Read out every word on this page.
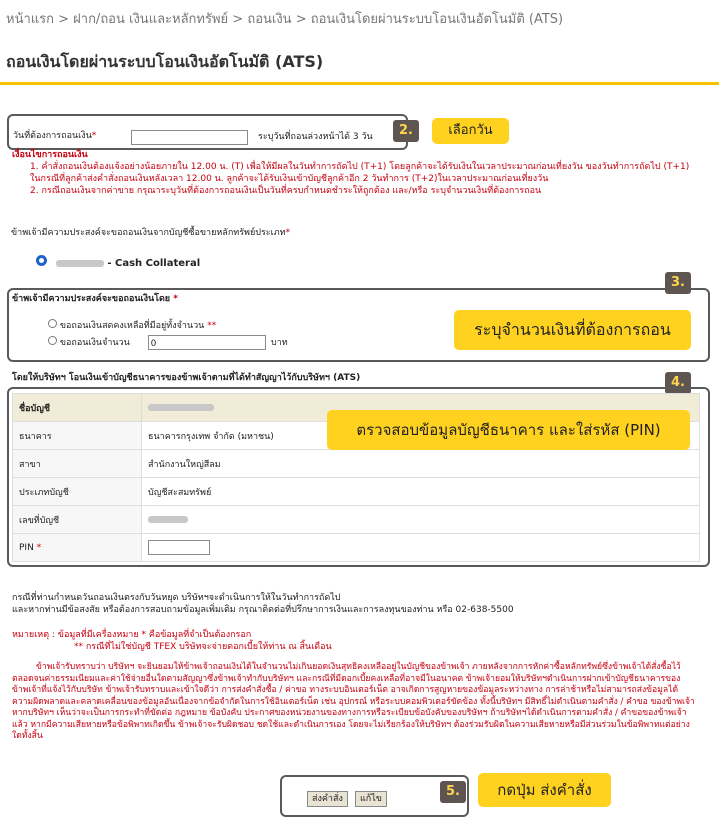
หน้าแรก > ฝาก/ถอน เงินและหลักทรัพย์ > ถอนเงิน > ถอนเงินโดยผ่านระบบโอนเงินอัตโนมัติ (ATS)
ถอนเงินโดยผ่านระบบโอนเงินอัตโนมัติ (ATS)
วันที่ต้องการถอนเงิน*	ระบุวันที่ถอนล่วงหน้าได้ 3 วัน	2.	เลือกวัน
เงื่อนไขการถอนเงิน
1. คำสั่งถอนเงินต้องแจ้งอย่างน้อยภายใน 12.00 น. (T) เพื่อให้มีผลในวันทำการถัดไป (T+1) โดยลูกค้าจะได้รับเงินในเวลาประมาณก่อนเที่ยงวัน ของวันทำการถัดไป (T+1) ในกรณีที่ลูกค้าส่งคำสั่งถอนเงินหลังเวลา 12.00 น. ลูกค้าจะได้รับเงินเข้าบัญชีลูกค้าอีก 2 วันทำการ (T+2)ในเวลาประมาณก่อนเที่ยงวัน
2. กรณีถอนเงินจากค่าขาย กรุณาระบุวันที่ต้องการถอนเงินเป็นวันที่ครบกำหนดชำระให้ถูกต้อง และ/หรือ ระบุจำนวนเงินที่ต้องการถอน
ข้าพเจ้ามีความประสงค์จะขอถอนเงินจากบัญชีซื้อขายหลักทรัพย์ประเภท*
- Cash Collateral
3.
ข้าพเจ้ามีความประสงค์จะขอถอนเงินโดย *
ขอถอนเงินสดคงเหลือที่มีอยู่ทั้งจำนวน **
ขอถอนเงินจำนวน
0	บาท
ระบุจำนวนเงินที่ต้องการถอน
โดยให้บริษัทฯ โอนเงินเข้าบัญชีธนาคารของข้าพเจ้าตามที่ได้ทำสัญญาไว้กับบริษัทฯ (ATS)	4.
ชื่อบัญชี	
ธนาคาร	ธนาคารกรุงเทพ จำกัด (มหาชน)
สาขา	สำนักงานใหญ่สีลม
ประเภทบัญชี	บัญชีสะสมทรัพย์
เลขที่บัญชี	
PIN *	
ตรวจสอบข้อมูลบัญชีธนาคาร และใส่รหัส (PIN)
กรณีที่ท่านกำหนดวันถอนเงินตรงกับวันหยุด บริษัทฯจะดำเนินการให้ในวันทำการถัดไป
และหากท่านมีข้อสงสัย หรือต้องการสอบถามข้อมูลเพิ่มเติม กรุณาติดต่อที่ปรึกษาการเงินและการลงทุนของท่าน หรือ 02-638-5500
หมายเหตุ : ข้อมูลที่มีเครื่องหมาย * คือข้อมูลที่จำเป็นต้องกรอก
** กรณีที่ไม่ใช่บัญชี TFEX บริษัทจะจ่ายดอกเบี้ยให้ท่าน ณ สิ้นเดือน
ข้าพเจ้ารับทราบว่า บริษัทฯ จะยินยอมให้ข้าพเจ้าถอนเงินได้ในจำนวนไม่เกินยอดเงินสุทธิคงเหลืออยู่ในบัญชีของข้าพเจ้า ภายหลังจากการหักค่าซื้อหลักทรัพย์ซึ่งข้าพเจ้าได้สั่งซื้อไว้ตลอดจนค่าธรรมเนียมและค่าใช้จ่ายอื่นใดตามสัญญาซึ่งข้าพเจ้าทำกับบริษัทฯ และกรณีที่มีดอกเบี้ยคงเหลือที่อาจมีในอนาคต ข้าพเจ้ายอมให้บริษัทฯดำเนินการฝากเข้าบัญชีธนาคารของข้าพเจ้าที่แจ้งไว้กับบริษัท ข้าพเจ้ารับทราบและเข้าใจดีว่า การส่งคำสั่งซื้อ / ค่าขอ ทางระบบอินเตอร์เน็ต อาจเกิดการสูญหายของข้อมูลระหว่างทาง การล่าช้าหรือไม่สามารถส่งข้อมูลได้ ความผิดพลาดและคลาดเคลื่อนของข้อมูลอันเนื่องจากข้อจำกัดในการใช้อินเตอร์เน็ต เช่น อุปกรณ์ หรือระบบคอมพิวเตอร์ขัดข้อง ทั้งนี้บริษัทฯ มีสิทธิ์ไม่ดำเนินตามคำสั่ง / คำขอ ของข้าพเจ้า หากบริษัทฯ เห็นว่าจะเป็นการกระทำที่ขัดต่อ กฎหมาย ข้อบังคับ ประกาศของหน่วยงานของทางการหรือระเบียบข้อบังคับของบริษัทฯ ถ้าบริษัทฯได้ดำเนินการตามคำสั่ง / คำขอของข้าพเจ้าแล้ว หากมีความเสียหายหรือข้อพิพาทเกิดขึ้น ข้าพเจ้าจะรับผิดชอบ ชดใช้และดำเนินการเอง โดยจะไม่เรียกร้องให้บริษัทฯ ต้องร่วมรับผิดในความเสียหายหรือมีส่วนร่วมในข้อพิพาทแต่อย่างใดทั้งสิ้น
ส่งคำสั่ง แก้ไข	5.	กดปุ่ม ส่งคำสั่ง
